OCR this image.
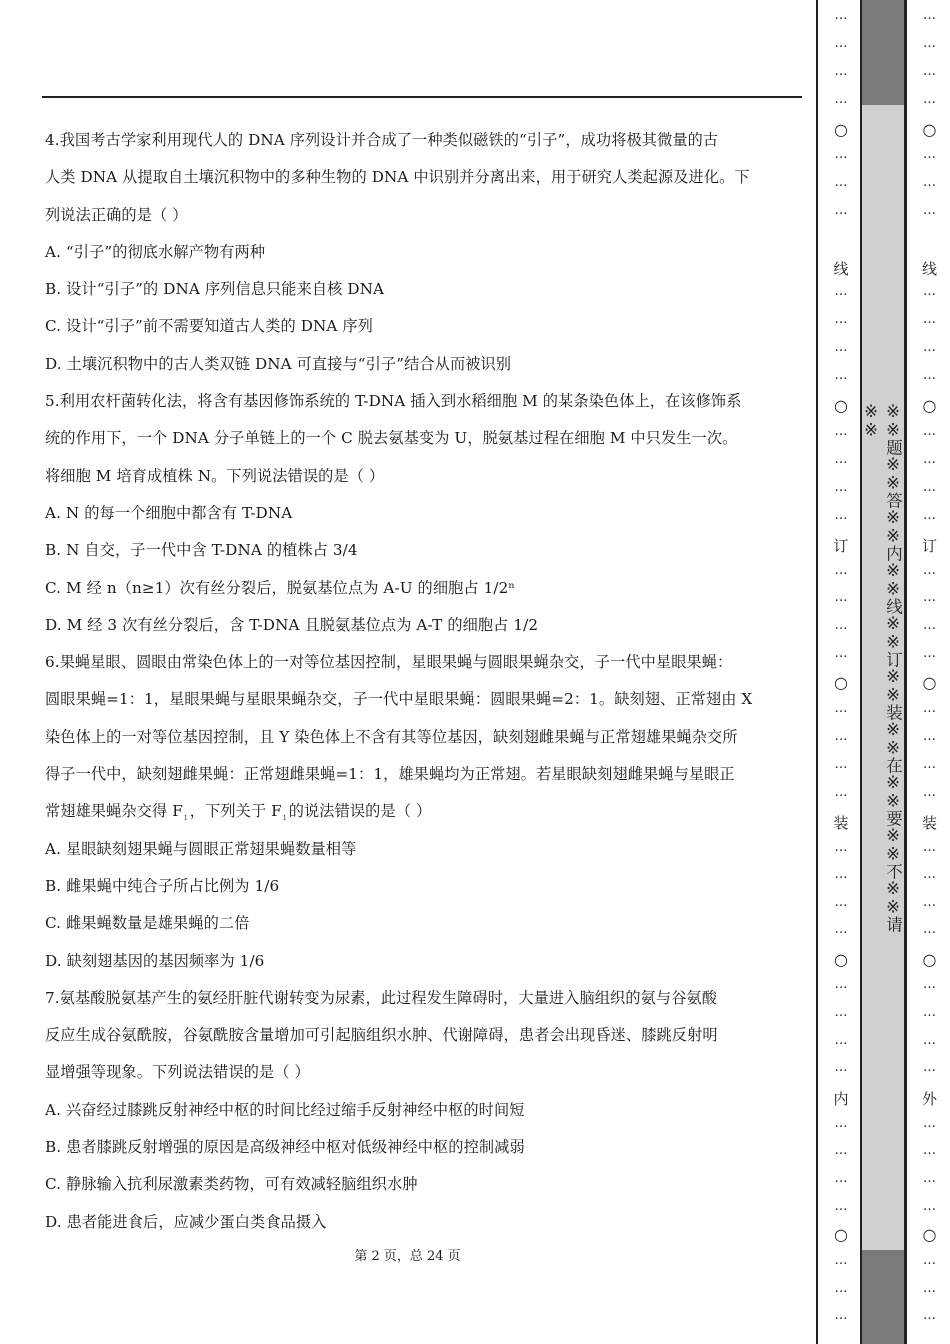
4.我国考古学家利用现代人的 DNA 序列设计并合成了一种类似磁铁的“引子”，成功将极其微量的古
人类 DNA 从提取自土壤沉积物中的多种生物的 DNA 中识别并分离出来，用于研究人类起源及进化。下
列说法正确的是（ ）
A. “引子”的彻底水解产物有两种
B. 设计“引子”的 DNA 序列信息只能来自核 DNA
C. 设计“引子”前不需要知道古人类的 DNA 序列
D. 土壤沉积物中的古人类双链 DNA 可直接与“引子”结合从而被识别
5.利用农杆菌转化法，将含有基因修饰系统的 T-DNA 插入到水稻细胞 M 的某条染色体上，在该修饰系
统的作用下，一个 DNA 分子单链上的一个 C 脱去氨基变为 U，脱氨基过程在细胞 M 中只发生一次。
将细胞 M 培育成植株 N。下列说法错误的是（ ）
A. N 的每一个细胞中都含有 T-DNA
B. N 自交，子一代中含 T-DNA 的植株占 3/4
C. M 经 n（n≥1）次有丝分裂后，脱氨基位点为 A-U 的细胞占 1/2ⁿ
D. M 经 3 次有丝分裂后，含 T-DNA 且脱氨基位点为 A-T 的细胞占 1/2
6.果蝇星眼、圆眼由常染色体上的一对等位基因控制，星眼果蝇与圆眼果蝇杂交，子一代中星眼果蝇：
圆眼果蝇=1：1，星眼果蝇与星眼果蝇杂交，子一代中星眼果蝇：圆眼果蝇=2：1。缺刻翅、正常翅由 X
染色体上的一对等位基因控制，且 Y 染色体上不含有其等位基因，缺刻翅雌果蝇与正常翅雄果蝇杂交所
得子一代中，缺刻翅雌果蝇：正常翅雌果蝇=1：1，雄果蝇均为正常翅。若星眼缺刻翅雌果蝇与星眼正
常翅雄果蝇杂交得 $F_1$ ，下列关于 $F_1$ 的说法错误的是（ ）
A. 星眼缺刻翅果蝇与圆眼正常翅果蝇数量相等
B. 雌果蝇中纯合子所占比例为 1/6
C. 雌果蝇数量是雄果蝇的二倍
D. 缺刻翅基因的基因频率为 1/6
7.氨基酸脱氨基产生的氨经肝脏代谢转变为尿素，此过程发生障碍时，大量进入脑组织的氨与谷氨酸
反应生成谷氨酰胺，谷氨酰胺含量增加可引起脑组织水肿、代谢障碍，患者会出现昏迷、膝跳反射明
显增强等现象。下列说法错误的是（ ）
A. 兴奋经过膝跳反射神经中枢的时间比经过缩手反射神经中枢的时间短
B. 患者膝跳反射增强的原因是高级神经中枢对低级神经中枢的控制减弱
C. 静脉输入抗利尿激素类药物，可有效减轻脑组织水肿
D. 患者能进食后，应减少蛋白类食品摄入
第 2 页，总 24 页
…
…
…
…
○
…
…
…
线
…
…
…
…
○
…
…
…
…
订
…
…
…
…
○
…
…
…
…
装
…
…
…
…
○
…
…
…
…
内
…
…
…
…
○
…
…
…
※※题※※答※※内※※线※※订※※装※※在※※要※※不※※请※※
…
…
…
…
○
…
…
…
线
…
…
…
…
○
…
…
…
…
订
…
…
…
…
○
…
…
…
…
装
…
…
…
…
○
…
…
…
…
外
…
…
…
…
○
…
…
…
